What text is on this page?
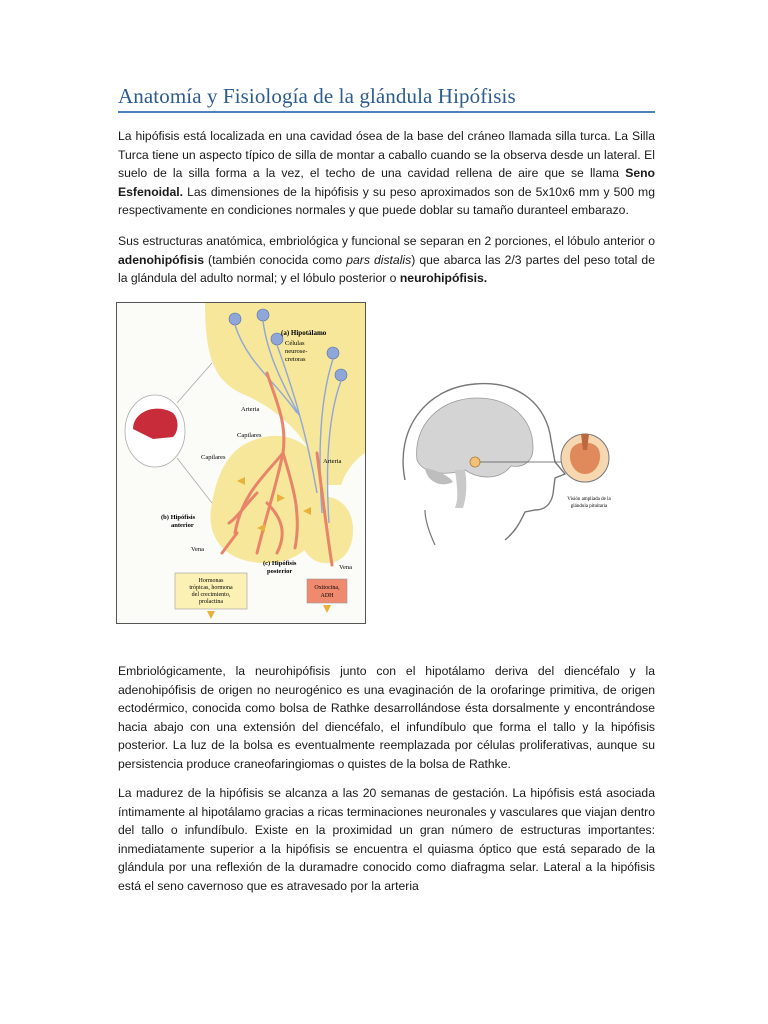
Anatomía y Fisiología de la glándula Hipófisis

La hipófisis está localizada en una cavidad ósea de la base del cráneo llamada silla turca. La Silla Turca tiene un aspecto típico de silla de montar a caballo cuando se la observa desde un lateral. El suelo de la silla forma a la vez, el techo de una cavidad rellena de aire que se llama Seno Esfenoidal. Las dimensiones de la hipófisis y su peso aproximados son de 5x10x6 mm y 500 mg respectivamente en condiciones normales y que puede doblar su tamaño duranteel embarazo.

Sus estructuras anatómica, embriológica y funcional se separan en 2 porciones, el lóbulo anterior o adenohipófisis (también conocida como pars distalis) que abarca las 2/3 partes del peso total de la glándula del adulto normal; y el lóbulo posterior o neurohipófisis.

(a) Hipotálamo
Células
neurose-
cretoras
Arteria
Capilares
Capilares
Arteria
(b) Hipófisis
anterior
Vena
(c) Hipófisis
posterior
Vena
Hormonas
trópicas, hormona
del crecimiento,
prolactina
Oxitocina,
ADH
Visión ampliada de la
glándula pituitaria

Embriológicamente, la neurohipófisis junto con el hipotálamo deriva del diencéfalo y la adenohipófisis de origen no neurogénico es una evaginación de la orofaringe primitiva, de origen ectodérmico, conocida como bolsa de Rathke desarrollándose ésta dorsalmente y encontrándose hacia abajo con una extensión del diencéfalo, el infundíbulo que forma el tallo y la hipófisis posterior. La luz de la bolsa es eventualmente reemplazada por células proliferativas, aunque su persistencia produce craneofaringiomas o quistes de la bolsa de Rathke.

La madurez de la hipófisis se alcanza a las 20 semanas de gestación. La hipófisis está asociada íntimamente al hipotálamo gracias a ricas terminaciones neuronales y vasculares que viajan dentro del tallo o infundíbulo. Existe en la proximidad un gran número de estructuras importantes: inmediatamente superior a la hipófisis se encuentra el quiasma óptico que está separado de la glándula por una reflexión de la duramadre conocido como diafragma selar. Lateral a la hipófisis está el seno cavernoso que es atravesado por la arteria
